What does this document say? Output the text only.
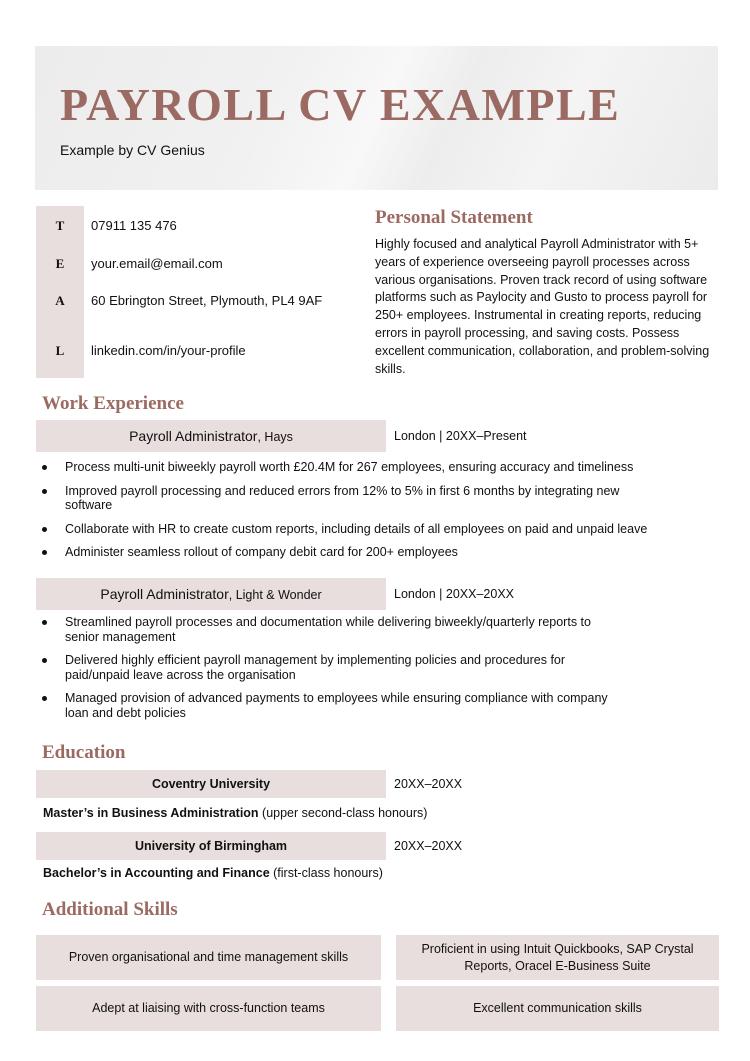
PAYROLL CV EXAMPLE
Example by CV Genius
T	07911 135 476
E	your.email@email.com
A	60 Ebrington Street, Plymouth, PL4 9AF
L	linkedin.com/in/your-profile
Personal Statement

Highly focused and analytical Payroll Administrator with 5+ years of experience overseeing payroll processes across various organisations. Proven track record of using software platforms such as Paylocity and Gusto to process payroll for 250+ employees. Instrumental in creating reports, reducing errors in payroll processing, and saving costs. Possess excellent communication, collaboration, and problem-solving skills.

Work Experience
Payroll Administrator, Hays	London | 20XX–Present
Process multi-unit biweekly payroll worth £20.4M for 267 employees, ensuring accuracy and timeliness
Improved payroll processing and reduced errors from 12% to 5% in first 6 months by integrating new software
Collaborate with HR to create custom reports, including details of all employees on paid and unpaid leave
Administer seamless rollout of company debit card for 200+ employees
Payroll Administrator, Light & Wonder	London | 20XX–20XX
Streamlined payroll processes and documentation while delivering biweekly/quarterly reports to senior management
Delivered highly efficient payroll management by implementing policies and procedures for paid/unpaid leave across the organisation
Managed provision of advanced payments to employees while ensuring compliance with company loan and debt policies
Education
Coventry University	20XX–20XX
Master’s in Business Administration (upper second-class honours)
University of Birmingham	20XX–20XX
Bachelor’s in Accounting and Finance (first-class honours)
Additional Skills
Proven organisational and time management skills
Proficient in using Intuit Quickbooks, SAP Crystal Reports, Oracel E-Business Suite
Adept at liaising with cross-function teams	Excellent communication skills
